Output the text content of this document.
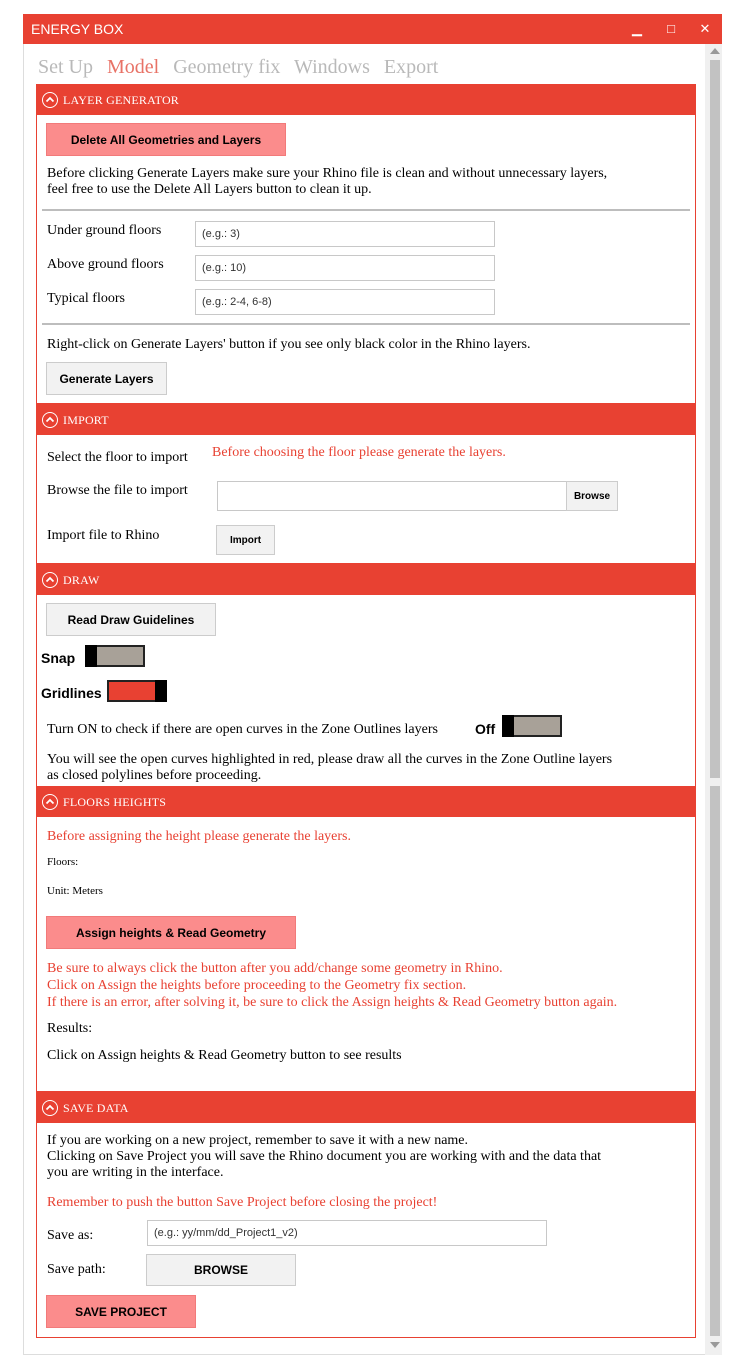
ENERGY BOX	▁	□	✕
Set Up Model Geometry fix Windows Export
LAYER GENERATOR
Delete All Geometries and Layers
Before clicking Generate Layers make sure your Rhino file is clean and without unnecessary layers,
feel free to use the Delete All Layers button to clean it up.
Under ground floors	(e.g.: 3)
Above ground floors	(e.g.: 10)
Typical floors	(e.g.: 2-4, 6-8)
Right-click on Generate Layers' button if you see only black color in the Rhino layers.
Generate Layers
IMPORT
Select the floor to import Before choosing the floor please generate the layers.
Browse the file to import	Browse
Import file to Rhino	Import
DRAW
Read Draw Guidelines
Snap
Gridlines
Turn ON to check if there are open curves in the Zone Outlines layers	Off
You will see the open curves highlighted in red, please draw all the curves in the Zone Outline layers
as closed polylines before proceeding.
FLOORS HEIGHTS
Before assigning the height please generate the layers.
Floors:
Unit: Meters
Assign heights & Read Geometry
Be sure to always click the button after you add/change some geometry in Rhino.
Click on Assign the heights before proceeding to the Geometry fix section.
If there is an error, after solving it, be sure to click the Assign heights & Read Geometry button again.
Results:
Click on Assign heights & Read Geometry button to see results
SAVE DATA
If you are working on a new project, remember to save it with a new name.
Clicking on Save Project you will save the Rhino document you are working with and the data that
you are writing in the interface.
Remember to push the button Save Project before closing the project!
Save as:	(e.g.: yy/mm/dd_Project1_v2)
Save path:	BROWSE
SAVE PROJECT
